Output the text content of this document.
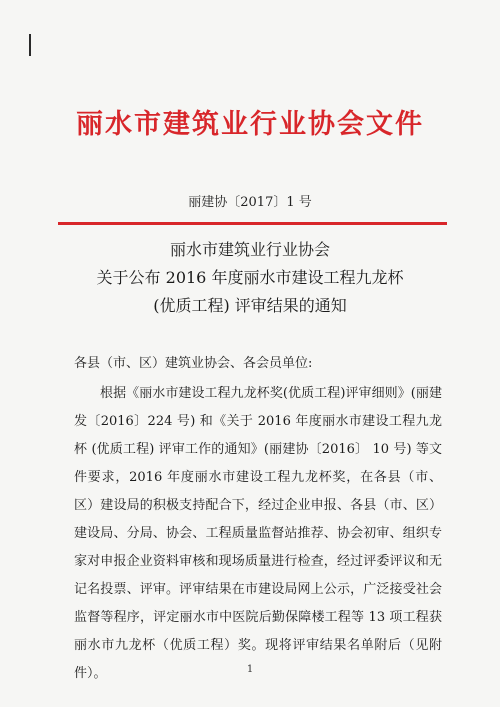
丽水市建筑业行业协会文件
丽建协〔2017〕1 号
丽水市建筑业行业协会
关于公布 2016 年度丽水市建设工程九龙杯
(优质工程) 评审结果的通知
各县（市、区）建筑业协会、各会员单位:
根据《丽水市建设工程九龙杯奖(优质工程)评审细则》(丽建发〔2016〕224 号) 和《关于 2016 年度丽水市建设工程九龙杯 (优质工程) 评审工作的通知》(丽建协〔2016〕 10 号) 等文件要求，2016 年度丽水市建设工程九龙杯奖，在各县（市、区）建设局的积极支持配合下，经过企业申报、各县（市、区）建设局、分局、协会、工程质量监督站推荐、协会初审、组织专家对申报企业资料审核和现场质量进行检查，经过评委评议和无记名投票、评审。评审结果在市建设局网上公示，广泛接受社会监督等程序，评定丽水市中医院后勤保障楼工程等 13 项工程获丽水市九龙杯（优质工程）奖。现将评审结果名单附后（见附件）。	1
